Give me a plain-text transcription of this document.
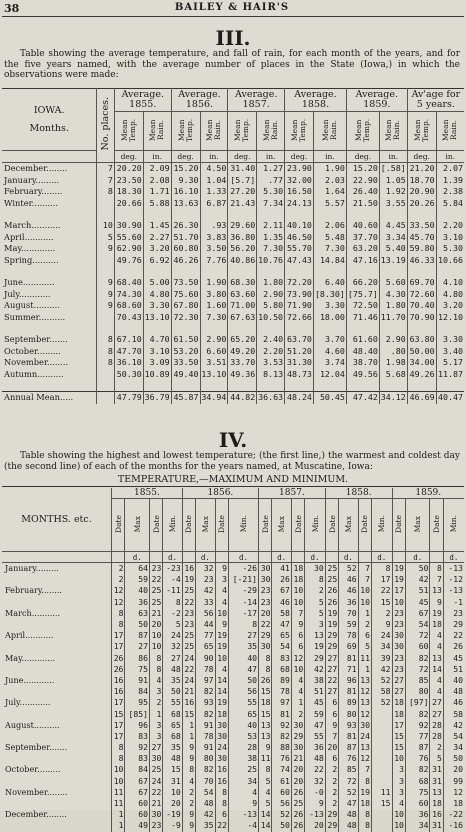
38	BAILEY & HAIR'S
III.
Table showing the average temperature, and fall of rain, for each month of the years, and for the five years named, with the average number of places in the State (Iowa,) in which the observations were made:
IOWA.
Months.	No. places.	Average. 1855.		Average. 1856.		Average. 1857.		Average. 1858.		Average. 1859.		Av'age for 5 years.	
		Mean Temp.	Mean Rain.	Mean Temp.	Mean Rain.	Mean Temp.	Mean Rain.	Mean Temp.	Mean Rain.	Mean Temp.	Mean Rain.	Mean Temp.	Mean Rain.
		deg.	in.	deg.	in.	deg.	in.	deg.	in.	deg.	in.	deg.	in.
December........	7	20.20	2.09	15.20	4.50	31.40	1.27	23.90	1.90	15.20	[.58]	21.20	2.07
January.........	7	23.50	2.08	9.30	1.04	[5.7]	.77	32.00	2.03	22.90	1.05	18.70	1.39
February........	8	18.30	1.71	16.10	1.33	27.20	5.30	16.50	1.64	26.40	1.92	20.90	2.38
Winter..........		20.66	5.88	13.63	6.87	21.43	7.34	24.13	5.57	21.50	3.55	20.26	5.84

March...........	10	30.90	1.45	26.30	.93	29.60	2.11	40.10	2.06	40.60	4.45	33.50	2.20
April...........	5	55.60	2.27	51.70	3.83	36.80	1.35	46.50	5.48	37.70	3.34	45.70	3.10
May.............	9	62.90	3.20	60.80	3.50	56.20	7.30	55.70	7.30	63.20	5.40	59.80	5.30
Spring..........		49.76	6.92	46.26	7.76	40.86	10.76	47.43	14.84	47.16	13.19	46.33	10.66

June............	9	68.40	5.00	73.50	1.90	68.30	1.80	72.20	6.40	66.20	5.60	69.70	4.10
July............	9	74.30	4.80	75.60	3.80	63.60	2.90	73.90	[8.30]	[75.7]	4.30	72.60	4.80
August..........	9	68.60	3.30	67.80	1.60	71.00	5.80	71.90	3.30	72.50	1.80	70.40	3.20
Summer..........		70.43	13.10	72.30	7.30	67.63	10.50	72.66	18.00	71.46	11.70	70.90	12.10

September.......	8	67.10	4.70	61.50	2.90	65.20	2.40	63.70	3.70	61.60	2.90	63.80	3.30
October.........	8	47.70	3.10	53.20	6.60	49.20	2.20	51.20	4.60	48.40	.80	50.00	3.40
November........	8	36.10	3.09	33.50	3.51	33.70	3.53	31.30	3.74	38.70	1.98	34.00	5.17
Autumn..........		50.30	10.89	49.40	13.10	49.36	8.13	48.73	12.04	49.56	5.68	49.26	11.87

Annual Mean.....		47.79	36.79	45.87	34.94	44.82	36.63	48.24	50.45	47.42	34.12	46.69	40.47
IV.
Table showing the highest and lowest temperature; (the first line,) the warmest and coldest day (the second line) of each of the months for the years named, at Muscatine, Iowa:
TEMPERATURE,—MAXIMUM AND MINIMUM.
MONTHS. etc.	1855.				1856.				1857.				1858.				1859.			
	Date	Max	Date	Min.	Date	Max	Date	Min.	Date	Max	Date	Min.	Date	Max	Date	Min.	Date	Max	Date	Min.
		d.		d.		d.		d.		d.		d.		d.		d.		d.		d.
January.........	2	64	23	-23	16	32	9	-26	30	41	18	30	25	52	7	8	19	50	8	-13
	2	59	22	-4	19	23	3	[-21]	30	26	18	8	25	46	7	17	19	42	7	-12
February........	12	40	25	-11	25	42	4	-29	23	67	10	2	26	46	10	22	17	51	13	-13
	12	36	25	8	22	33	4	-14	23	46	10	5	26	36	10	15	10	45	9	-1
March...........	8	63	21	-2	23	56	10	-17	20	58	7	5	19	70	1	2	23	67	19	23
	8	50	20	5	23	44	9	8	22	47	9	3	19	59	2	9	23	54	18	29
April...........	17	87	10	24	25	77	19	27	29	65	6	13	29	78	6	24	30	72	4	22
	17	27	10	32	25	65	19	35	30	54	6	19	29	69	5	34	30	60	4	26
May.............	26	86	8	27	24	90	10	40	8	83	12	29	27	81	11	39	23	82	13	45
	26	75	8	48	22	78	4	47	8	68	10	42	27	71	1	42	23	72	14	51
June............	16	91	4	35	24	97	14	50	26	89	4	38	22	96	13	52	27	85	4	40
	16	84	3	50	21	82	14	56	15	78	4	51	27	81	12	58	27	80	4	48
July............	17	95	2	55	16	93	19	55	18	97	1	45	6	89	13	52	18	[97]	27	46
	15	[85]	1	68	15	82	18	65	15	81	2	59	6	80	12		18	82	27	58
August..........	17	96	3	65	1	91	30	40	13	92	30	47	9	93	30		17	92	28	42
	17	83	3	68	1	78	30	53	13	82	29	55	7	81	24		15	77	28	54
September.......	8	92	27	35	9	91	24	28	9	88	30	36	20	87	13		15	87	2	34
	8	83	30	48	9	80	30	38	11	76	21	48	6	76	12		10	76	5	50
October.........	10	84	25	15	8	82	16	25	8	74	20	22	2	85	7		3	82	31	20
	10	67	24	31	4	70	16	34	5	61	20	32	2	72	8		3	68	31	99
November........	11	67	22	10	2	54	8	4	4	60	26	-0	2	52	19	11	3	75	13	12
	11	60	21	20	2	48	8	9	5	56	25	9	2	47	18	15	4	60	18	18
December........	1	60	30	-19	9	42	6	-13	14	52	26	-13	29	48	8		10	36	16	-22
	1	49	23	-9	9	35	22	-4	14	50	26	20	29	48	8		10	34	31	-16
